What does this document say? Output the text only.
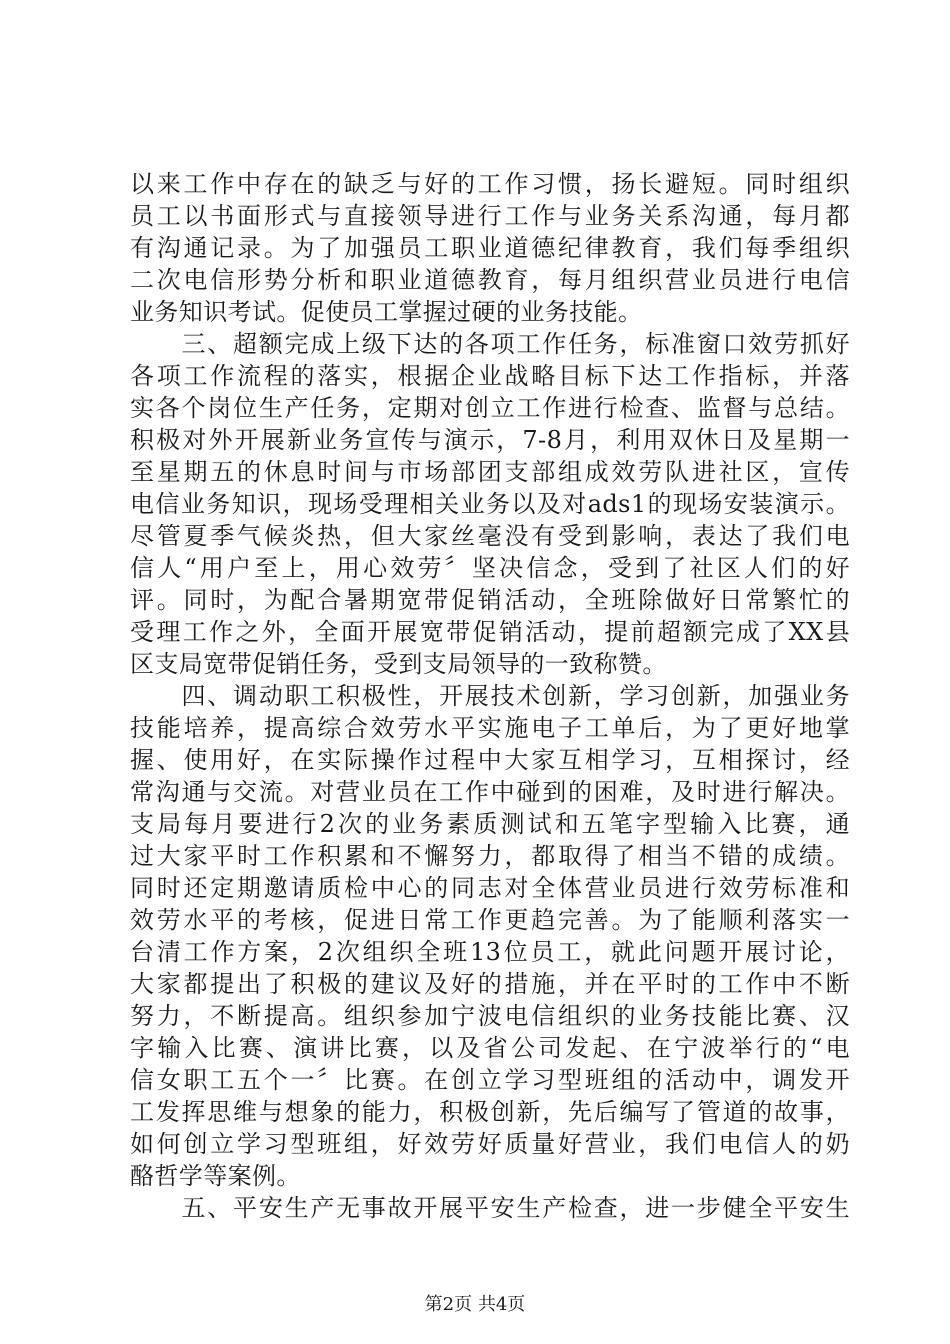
以来工作中存在的缺乏与好的工作习惯，扬长避短。同时组织
员工以书面形式与直接领导进行工作与业务关系沟通，每月都
有沟通记录。为了加强员工职业道德纪律教育，我们每季组织
二次电信形势分析和职业道德教育，每月组织营业员进行电信
业务知识考试。促使员工掌握过硬的业务技能。
　　三、超额完成上级下达的各项工作任务，标准窗口效劳抓好
各项工作流程的落实，根据企业战略目标下达工作指标，并落
实各个岗位生产任务，定期对创立工作进行检查、监督与总结。
积极对外开展新业务宣传与演示，7-8月，利用双休日及星期一
至星期五的休息时间与市场部团支部组成效劳队进社区，宣传
电信业务知识，现场受理相关业务以及对ads1的现场安装演示。
尽管夏季气候炎热，但大家丝毫没有受到影响，表达了我们电
信人“用户至上，用心效劳〞坚决信念，受到了社区人们的好
评。同时，为配合暑期宽带促销活动，全班除做好日常繁忙的
受理工作之外，全面开展宽带促销活动，提前超额完成了XX县
区支局宽带促销任务，受到支局领导的一致称赞。
　　四、调动职工积极性，开展技术创新，学习创新，加强业务
技能培养，提高综合效劳水平实施电子工单后，为了更好地掌
握、使用好，在实际操作过程中大家互相学习，互相探讨，经
常沟通与交流。对营业员在工作中碰到的困难，及时进行解决。
支局每月要进行2次的业务素质测试和五笔字型输入比赛，通
过大家平时工作积累和不懈努力，都取得了相当不错的成绩。
同时还定期邀请质检中心的同志对全体营业员进行效劳标准和
效劳水平的考核，促进日常工作更趋完善。为了能顺利落实一
台清工作方案，2次组织全班13位员工，就此问题开展讨论，
大家都提出了积极的建议及好的措施，并在平时的工作中不断
努力，不断提高。组织参加宁波电信组织的业务技能比赛、汉
字输入比赛、演讲比赛，以及省公司发起、在宁波举行的“电
信女职工五个一〞比赛。在创立学习型班组的活动中，调发开
工发挥思维与想象的能力，积极创新，先后编写了管道的故事，
如何创立学习型班组，好效劳好质量好营业，我们电信人的奶
酪哲学等案例。
　　五、平安生产无事故开展平安生产检查，进一步健全平安生
第2页 共4页
